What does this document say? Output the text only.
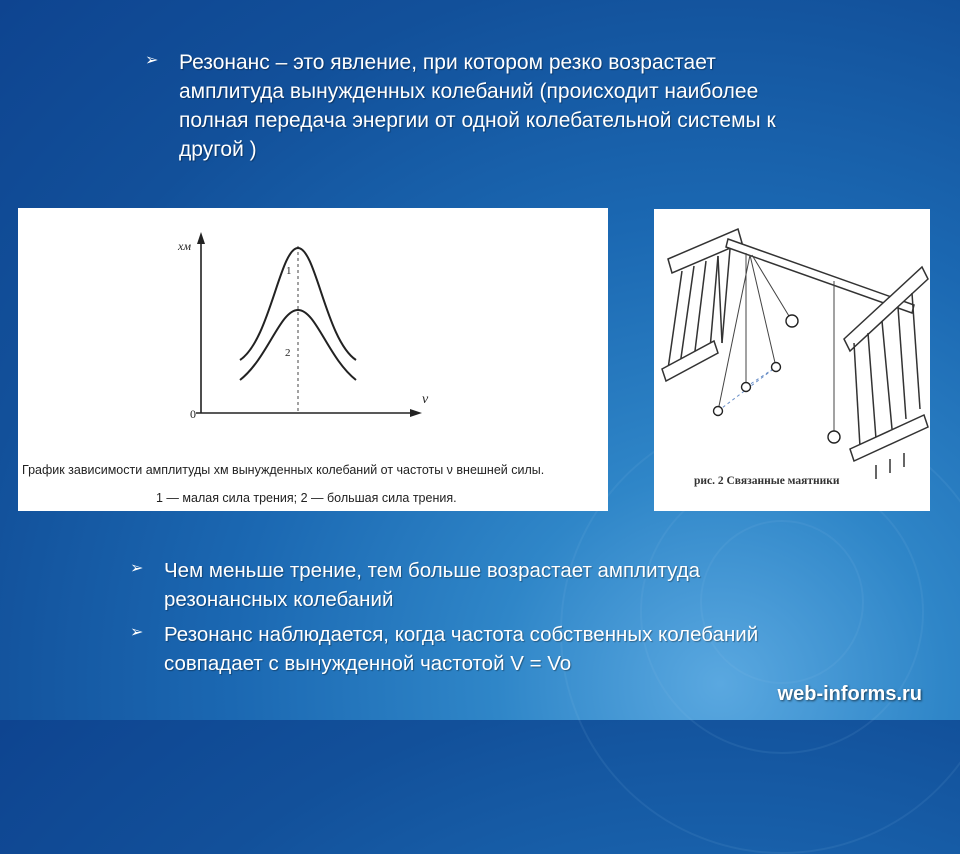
➢ Резонанс – это явление, при котором резко возрастает амплитуда вынужденных колебаний (происходит наиболее полная передача энергии от одной колебательной системы к другой )
xм
ν
0
1
2
График зависимости амплитуды xм вынужденных колебаний от частоты ν внешней силы.
1 — малая сила трения; 2 — большая сила трения.
рис. 2 Связанные маятники
➢ Чем меньше трение, тем больше возрастает амплитуда резонансных колебаний
➢ Резонанс наблюдается, когда частота собственных колебаний совпадает с вынужденной частотой V = Vo
web-informs.ru
